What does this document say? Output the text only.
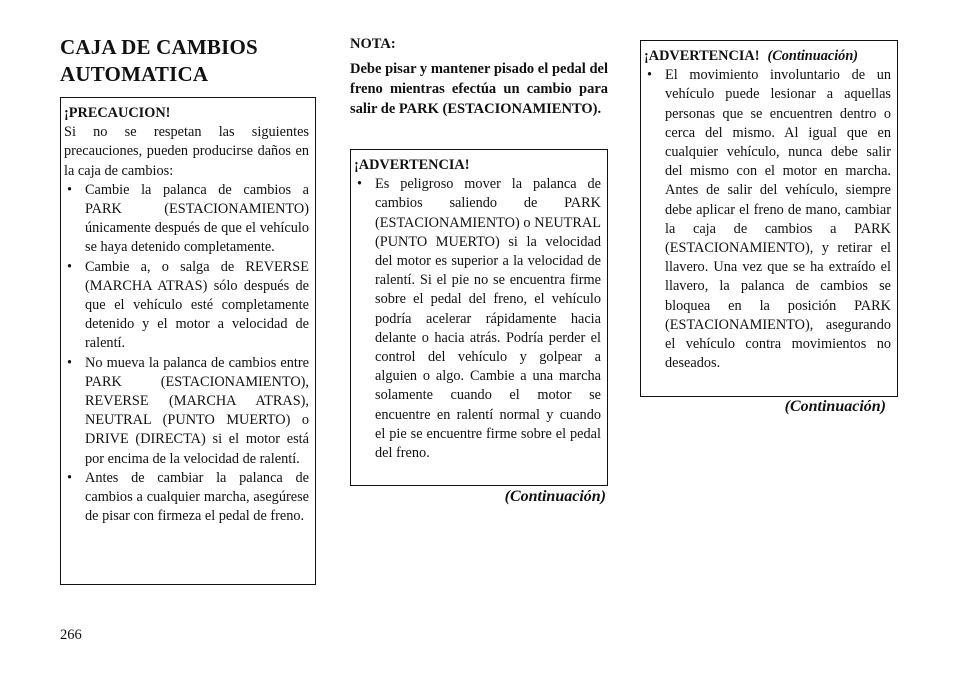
CAJA DE CAMBIOS
AUTOMATICA
¡PRECAUCION!
Si no se respetan las siguientes precauciones, pueden producirse daños en la caja de cambios:
• Cambie la palanca de cambios a PARK (ESTACIONAMIENTO) únicamente después de que el vehículo se haya detenido completamente.
• Cambie a, o salga de REVERSE (MARCHA ATRAS) sólo después de que el vehículo esté completamente detenido y el motor a velocidad de ralentí.
• No mueva la palanca de cambios entre PARK (ESTACIONAMIENTO), REVERSE (MARCHA ATRAS), NEUTRAL (PUNTO MUERTO) o DRIVE (DIRECTA) si el motor está por encima de la velocidad de ralentí.
• Antes de cambiar la palanca de cambios a cualquier marcha, asegúrese de pisar con firmeza el pedal de freno.
NOTA:
Debe pisar y mantener pisado el pedal del freno mientras efectúa un cambio para salir de PARK (ESTACIONAMIENTO).
¡ADVERTENCIA!
• Es peligroso mover la palanca de cambios saliendo de PARK (ESTACIONAMIENTO) o NEUTRAL (PUNTO MUERTO) si la velocidad del motor es superior a la velocidad de ralentí. Si el pie no se encuentra firme sobre el pedal del freno, el vehículo podría acelerar rápidamente hacia delante o hacia atrás. Podría perder el control del vehículo y golpear a alguien o algo. Cambie a una marcha solamente cuando el motor se encuentre en ralentí normal y cuando el pie se encuentre firme sobre el pedal del freno.
(Continuación)
¡ADVERTENCIA! (Continuación)
• El movimiento involuntario de un vehículo puede lesionar a aquellas personas que se encuentren dentro o cerca del mismo. Al igual que en cualquier vehículo, nunca debe salir del mismo con el motor en marcha. Antes de salir del vehículo, siempre debe aplicar el freno de mano, cambiar la caja de cambios a PARK (ESTACIONAMIENTO), y retirar el llavero. Una vez que se ha extraído el llavero, la palanca de cambios se bloquea en la posición PARK (ESTACIONAMIENTO), asegurando el vehículo contra movimientos no deseados.
(Continuación)
266
